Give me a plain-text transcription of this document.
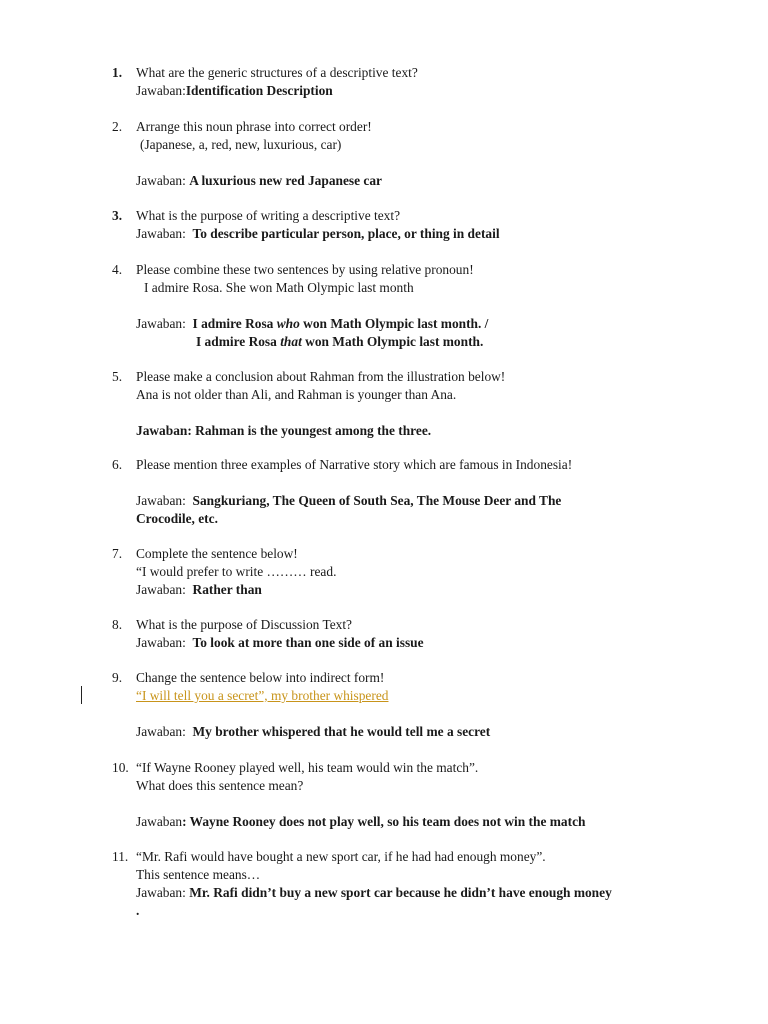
1.	What are the generic structures of a descriptive text?
Jawaban:Identification Description
2.	Arrange this noun phrase into correct order!
(Japanese, a, red, new, luxurious, car)
Jawaban: A luxurious new red Japanese car
3.	What is the purpose of writing a descriptive text?
Jawaban: To describe particular person, place, or thing in detail
4.	Please combine these two sentences by using relative pronoun!
I admire Rosa. She won Math Olympic last month
Jawaban: I admire Rosa who won Math Olympic last month. /
I admire Rosa that won Math Olympic last month.
5.	Please make a conclusion about Rahman from the illustration below!
Ana is not older than Ali, and Rahman is younger than Ana.
Jawaban: Rahman is the youngest among the three.
6.	Please mention three examples of Narrative story which are famous in Indonesia!
Jawaban: Sangkuriang, The Queen of South Sea, The Mouse Deer and The
Crocodile, etc.
7.	Complete the sentence below!
“I would prefer to write ……… read.
Jawaban: Rather than
8.	What is the purpose of Discussion Text?
Jawaban: To look at more than one side of an issue
9.	Change the sentence below into indirect form!
“I will tell you a secret”, my brother whispered
Jawaban: My brother whispered that he would tell me a secret
10. “If Wayne Rooney played well, his team would win the match”.
What does this sentence mean?
Jawaban: Wayne Rooney does not play well, so his team does not win the match
11. “Mr. Rafi would have bought a new sport car, if he had had enough money”.
This sentence means…
Jawaban: Mr. Rafi didn’t buy a new sport car because he didn’t have enough money
.
